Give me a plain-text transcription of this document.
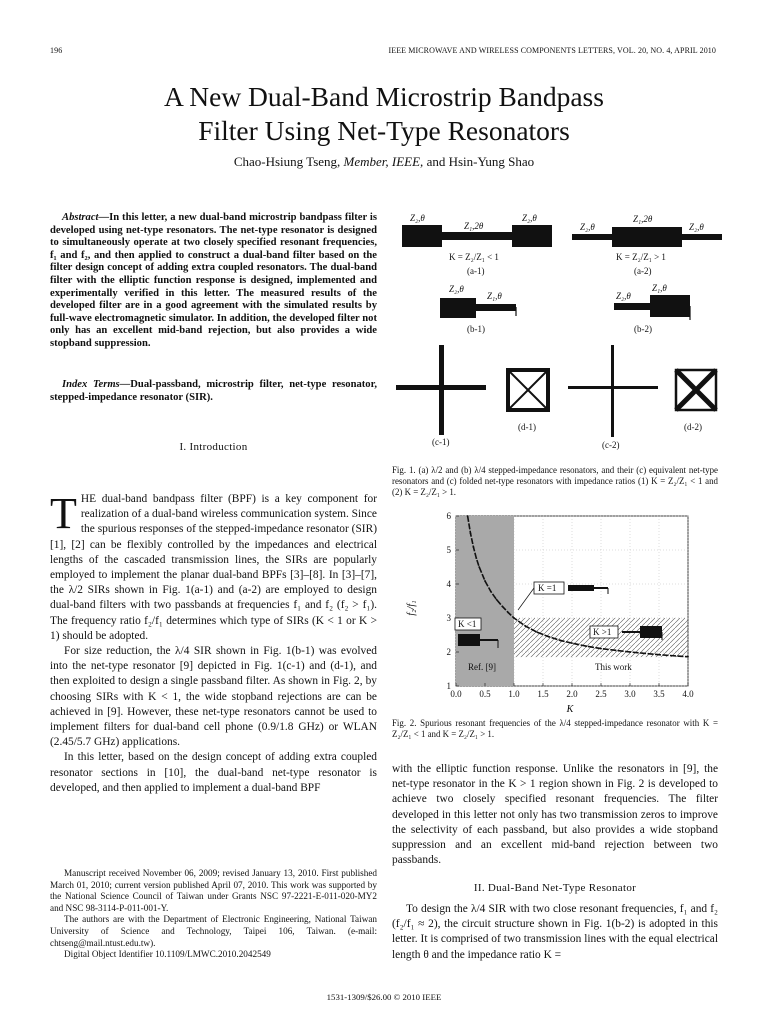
196	IEEE MICROWAVE AND WIRELESS COMPONENTS LETTERS, VOL. 20, NO. 4, APRIL 2010
A New Dual-Band Microstrip Bandpass
Filter Using Net-Type Resonators
Chao-Hsiung Tseng, Member, IEEE, and Hsin-Yung Shao
Abstract—In this letter, a new dual-band microstrip bandpass filter is developed using net-type resonators. The net-type resonator is designed to simultaneously operate at two closely specified resonant frequencies, f₁ and f₂, and then applied to construct a dual-band filter based on the filter design concept of adding extra coupled resonators. The dual-band filter with the elliptic function response is designed, implemented and experimentally verified in this letter. The measured results of the developed filter are in a good agreement with the simulated results by full-wave electromagnetic simulator. In addition, the developed filter not only has an excellent mid-band rejection, but also provides a wide stopband suppression.
Index Terms—Dual-passband, microstrip filter, net-type resonator, stepped-impedance resonator (SIR).
I. Introduction

THE dual-band bandpass filter (BPF) is a key component for realization of a dual-band wireless communication system. Since the spurious responses of the stepped-impedance resonator (SIR) [1], [2] can be flexibly controlled by the impedances and electrical lengths of the cascaded transmission lines, the SIRs are popularly employed to implement the planar dual-band BPFs [3]–[8]. In [3]–[7], the λ/2 SIRs shown in Fig. 1(a-1) and (a-2) are employed to design dual-band filters with two passbands at frequencies f₁ and f₂ (f₂ > f₁). The frequency ratio f₂/f₁ determines which type of SIRs (K < 1 or K > 1) should be adopted.

For size reduction, the λ/4 SIR shown in Fig. 1(b-1) was evolved into the net-type resonator [9] depicted in Fig. 1(c-1) and (d-1), and then exploited to design a single passband filter. As shown in Fig. 2, by choosing SIRs with K < 1, the wide stopband rejections are can be achieved in [9]. However, these net-type resonators cannot be used to implement filters for dual-band cell phone (0.9/1.8 GHz) or WLAN (2.45/5.7 GHz) applications.

In this letter, based on the design concept of adding extra coupled resonator sections in [10], the dual-band net-type resonator is developed, and then applied to implement a dual-band BPF

Manuscript received November 06, 2009; revised January 13, 2010. First published March 01, 2010; current version published April 07, 2010. This work was supported by the National Science Council of Taiwan under Grants NSC 97-2221-E-011-020-MY2 and NSC 98-3114-P-011-001-Y.

The authors are with the Department of Electronic Engineering, National Taiwan University of Science and Technology, Taipei 106, Taiwan. (e-mail: chtseng@mail.ntust.edu.tw).

Digital Object Identifier 10.1109/LMWC.2010.2042549

Z₂,θ
Z₁,2θ
Z₂,θ
K = Z₂/Z₁ < 1
(a-1)
Z₂,θ
Z₁,2θ
Z₂,θ
K = Z₂/Z₁ > 1
(a-2)
Z₂,θ
Z₁,θ
(b-1)
Z₂,θ
Z₁,θ
(b-2)
(c-1)
(d-1)
(c-2)
(d-2)
Fig. 1. (a) λ/2 and (b) λ/4 stepped-impedance resonators, and their (c) equivalent net-type resonators and (c) folded net-type resonators with impedance ratios (1) K = Z₂/Z₁ < 1 and (2) K = Z₂/Z₁ > 1.
0.0 0.5 1.0 1.5 2.0 2.5 3.0 3.5 4.0
1
2
3
4
5
6
f₂/f₁
K
K =1
K <1
K >1
Ref. [9]	This work
Fig. 2. Spurious resonant frequencies of the λ/4 stepped-impedance resonator with K = Z₂/Z₁ < 1 and K = Z₂/Z₁ > 1.

with the elliptic function response. Unlike the resonators in [9], the net-type resonator in the K > 1 region shown in Fig. 2 is developed to achieve two closely specified resonant frequencies. The filter developed in this letter not only has two transmission zeros to improve the selectivity of each passband, but also provides a wide stopband suppression and an excellent mid-band rejection between two passbands.

II. Dual-Band Net-Type Resonator

To design the λ/4 SIR with two close resonant frequencies, f₁ and f₂ (f₂/f₁ ≈ 2), the circuit structure shown in Fig. 1(b-2) is adopted in this letter. It is comprised of two transmission lines with the equal electrical length θ and the impedance ratio K =

1531-1309/$26.00 © 2010 IEEE
